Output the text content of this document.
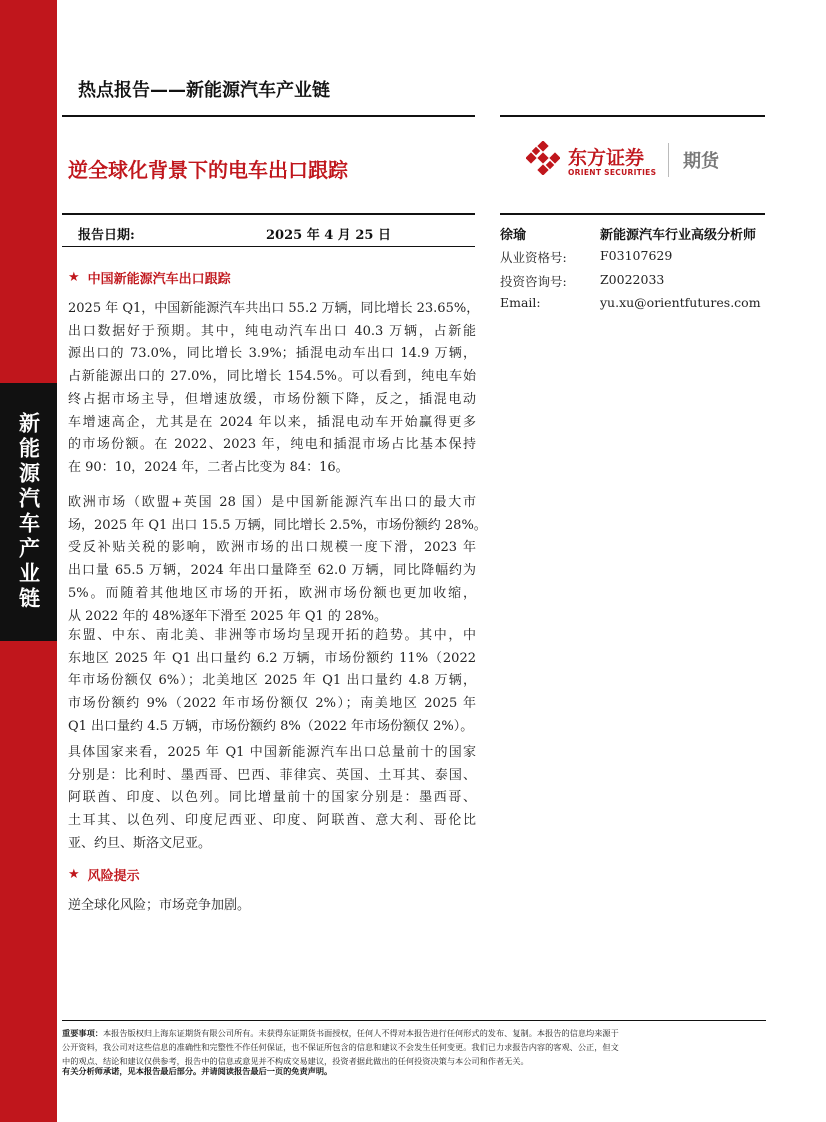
新能源汽车产业链
热点报告——新能源汽车产业链
逆全球化背景下的电车出口跟踪	东方证券
ORIENT SECURITIES
期货
报告日期:	2025 年 4 月 25 日	徐瑜	新能源汽车行业高级分析师
从业资格号:	F03107629
投资咨询号:	Z0022033
Email:	yu.xu@orientfutures.com
★ 中国新能源汽车出口跟踪
2025 年 Q1，中国新能源汽车共出口 55.2 万辆，同比增长 23.65%，
出口数据好于预期。其中，纯电动汽车出口 40.3 万辆，占新能
源出口的 73.0%，同比增长 3.9%；插混电动车出口 14.9 万辆，
占新能源出口的 27.0%，同比增长 154.5%。可以看到，纯电车始
终占据市场主导，但增速放缓，市场份额下降，反之，插混电动
车增速高企，尤其是在 2024 年以来，插混电动车开始赢得更多
的市场份额。在 2022、2023 年，纯电和插混市场占比基本保持
在 90：10，2024 年，二者占比变为 84：16。
欧洲市场（欧盟+英国 28 国）是中国新能源汽车出口的最大市
场，2025 年 Q1 出口 15.5 万辆，同比增长 2.5%，市场份额约 28%。
受反补贴关税的影响，欧洲市场的出口规模一度下滑，2023 年
出口量 65.5 万辆，2024 年出口量降至 62.0 万辆，同比降幅约为
5%。而随着其他地区市场的开拓，欧洲市场份额也更加收缩，
从 2022 年的 48%逐年下滑至 2025 年 Q1 的 28%。
东盟、中东、南北美、非洲等市场均呈现开拓的趋势。其中，中
东地区 2025 年 Q1 出口量约 6.2 万辆，市场份额约 11%（2022
年市场份额仅 6%）；北美地区 2025 年 Q1 出口量约 4.8 万辆，
市场份额约 9%（2022 年市场份额仅 2%）；南美地区 2025 年
Q1 出口量约 4.5 万辆，市场份额约 8%（2022 年市场份额仅 2%）。
具体国家来看，2025 年 Q1 中国新能源汽车出口总量前十的国家
分别是：比利时、墨西哥、巴西、菲律宾、英国、土耳其、泰国、
阿联酋、印度、以色列。同比增量前十的国家分别是：墨西哥、
土耳其、以色列、印度尼西亚、印度、阿联酋、意大利、哥伦比
亚、约旦、斯洛文尼亚。
★ 风险提示
逆全球化风险；市场竞争加剧。
重要事项：本报告版权归上海东证期货有限公司所有。未获得东证期货书面授权，任何人不得对本报告进行任何形式的发布、复制。本报告的信息均来源于
公开资料，我公司对这些信息的准确性和完整性不作任何保证，也不保证所包含的信息和建议不会发生任何变更。我们已力求报告内容的客观、公正，但文
中的观点、结论和建议仅供参考，报告中的信息或意见并不构成交易建议，投资者据此做出的任何投资决策与本公司和作者无关。
有关分析师承诺，见本报告最后部分。并请阅读报告最后一页的免责声明。
